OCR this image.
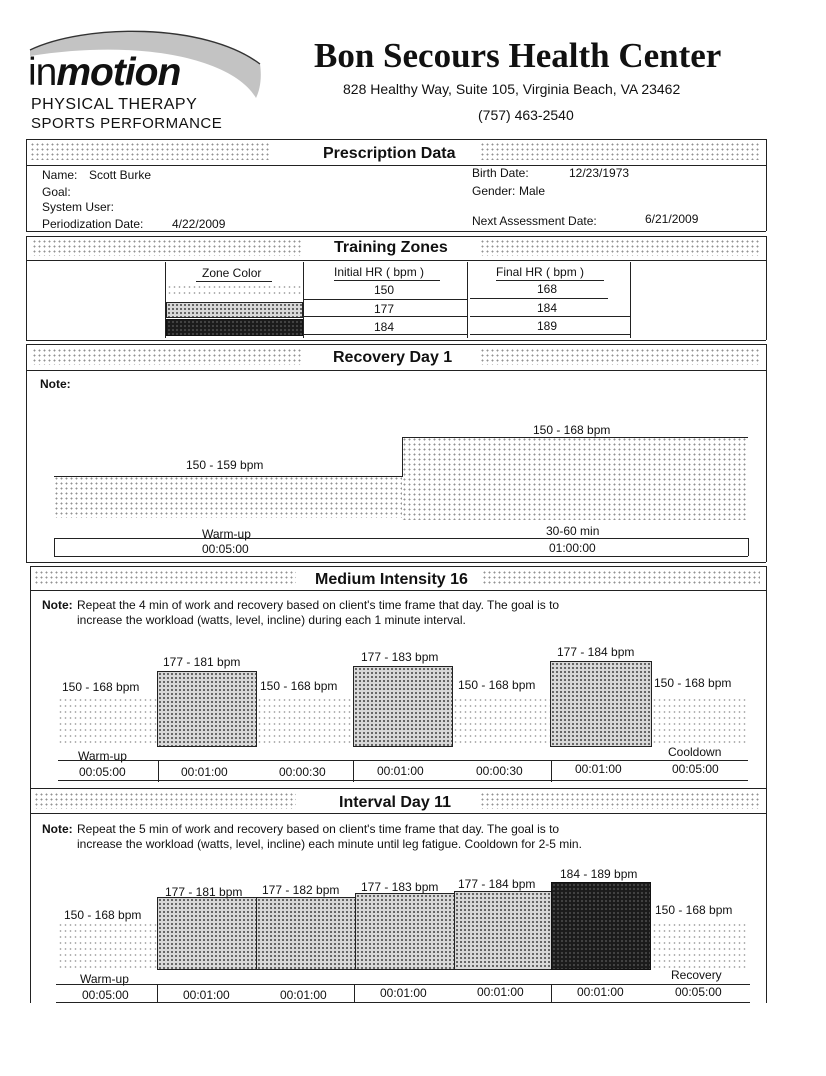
inmotion
PHYSICAL THERAPY
SPORTS PERFORMANCE
Bon Secours Health Center
828 Healthy Way, Suite 105, Virginia Beach, VA 23462
(757) 463-2540
Prescription Data
Name: Scott Burke
Goal:
System User:
Periodization Date: 4/22/2009
Birth Date:	12/23/1973
Gender: Male
Next Assessment Date:	6/21/2009
Training Zones
Zone Color	Initial HR ( bpm )	Final HR ( bpm )
150	168
177	184
184	189
Recovery Day 1
Note:
150 - 159 bpm
150 - 168 bpm
Warm-up
00:05:00
30-60 min
01:00:00
Medium Intensity 16
Note: Repeat the 4 min of work and recovery based on client's time frame that day. The goal is to
increase the workload (watts, level, incline) during each 1 minute interval.
150 - 168 bpm
177 - 181 bpm
150 - 168 bpm
177 - 183 bpm
150 - 168 bpm
177 - 184 bpm
150 - 168 bpm
Warm-up
00:05:00	00:01:00	00:00:30	00:01:00	00:00:30	00:01:00
Cooldown
00:05:00
Interval Day 11
Note: Repeat the 5 min of work and recovery based on client's time frame that day. The goal is to
increase the workload (watts, level, incline) each minute until leg fatigue. Cooldown for 2-5 min.
150 - 168 bpm
177 - 181 bpm 177 - 182 bpm 177 - 183 bpm 177 - 184 bpm
184 - 189 bpm
150 - 168 bpm
Warm-up
00:05:00	00:01:00	00:01:00	00:01:00	00:01:00	00:01:00
Recovery
00:05:00
